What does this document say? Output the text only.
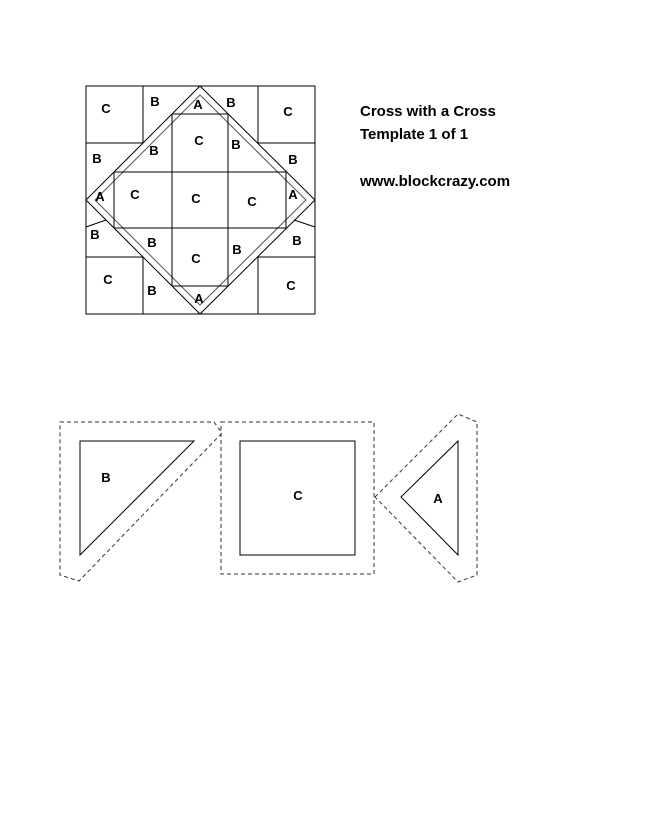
C	C
C	C
B	B
B	B
B	B
B
B	B
B	B
A
A	A
A
C
C	C	C
C
Cross with a Cross
Template 1 of 1
www.blockcrazy.com
B
C	A
